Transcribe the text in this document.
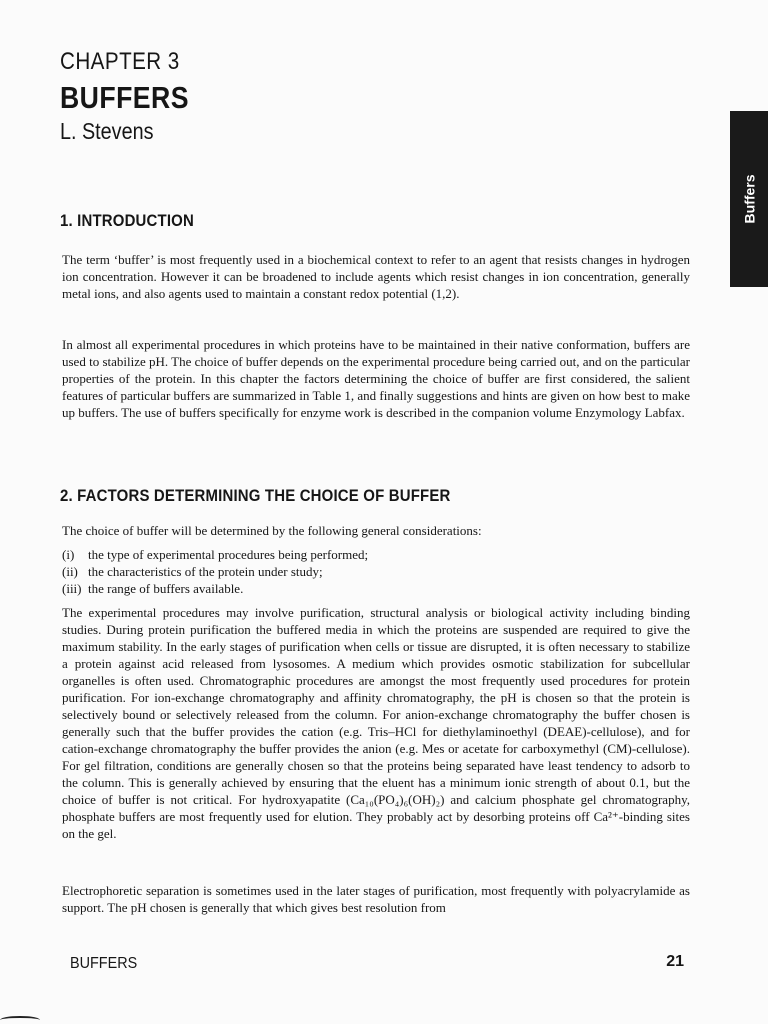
CHAPTER 3
BUFFERS
L. Stevens
Buffers
1. INTRODUCTION

The term ‘buffer’ is most frequently used in a biochemical context to refer to an agent that resists changes in hydrogen ion concentration. However it can be broadened to include agents which resist changes in ion concentration, generally metal ions, and also agents used to maintain a constant redox potential (1,2).

In almost all experimental procedures in which proteins have to be maintained in their native conformation, buffers are used to stabilize pH. The choice of buffer depends on the experimental procedure being carried out, and on the particular properties of the protein. In this chapter the factors determining the choice of buffer are first considered, the salient features of particular buffers are summarized in Table 1, and finally suggestions and hints are given on how best to make up buffers. The use of buffers specifically for enzyme work is described in the companion volume Enzymology Labfax.

2. FACTORS DETERMINING THE CHOICE OF BUFFER

The choice of buffer will be determined by the following general considerations:

(i)	the type of experimental procedures being performed;
(ii) the characteristics of the protein under study;
(iii) the range of buffers available.

The experimental procedures may involve purification, structural analysis or biological activity including binding studies. During protein purification the buffered media in which the proteins are suspended are required to give the maximum stability. In the early stages of purification when cells or tissue are disrupted, it is often necessary to stabilize a protein against acid released from lysosomes. A medium which provides osmotic stabilization for subcellular organelles is often used. Chromatographic procedures are amongst the most frequently used procedures for protein purification. For ion-exchange chromatography and affinity chromatography, the pH is chosen so that the protein is selectively bound or selectively released from the column. For anion-exchange chromatography the buffer chosen is generally such that the buffer provides the cation (e.g. Tris–HCl for diethylaminoethyl (DEAE)-cellulose), and for cation-exchange chromatography the buffer provides the anion (e.g. Mes or acetate for carboxymethyl (CM)-cellulose). For gel filtration, conditions are generally chosen so that the proteins being separated have least tendency to adsorb to the column. This is generally achieved by ensuring that the eluent has a minimum ionic strength of about 0.1, but the choice of buffer is not critical. For hydroxyapatite (Ca₁₀(PO₄)₆(OH)₂) and calcium phosphate gel chromatography, phosphate buffers are most frequently used for elution. They probably act by desorbing proteins off Ca²⁺-binding sites on the gel.

Electrophoretic separation is sometimes used in the later stages of purification, most frequently with polyacrylamide as support. The pH chosen is generally that which gives best resolution from

BUFFERS	21
